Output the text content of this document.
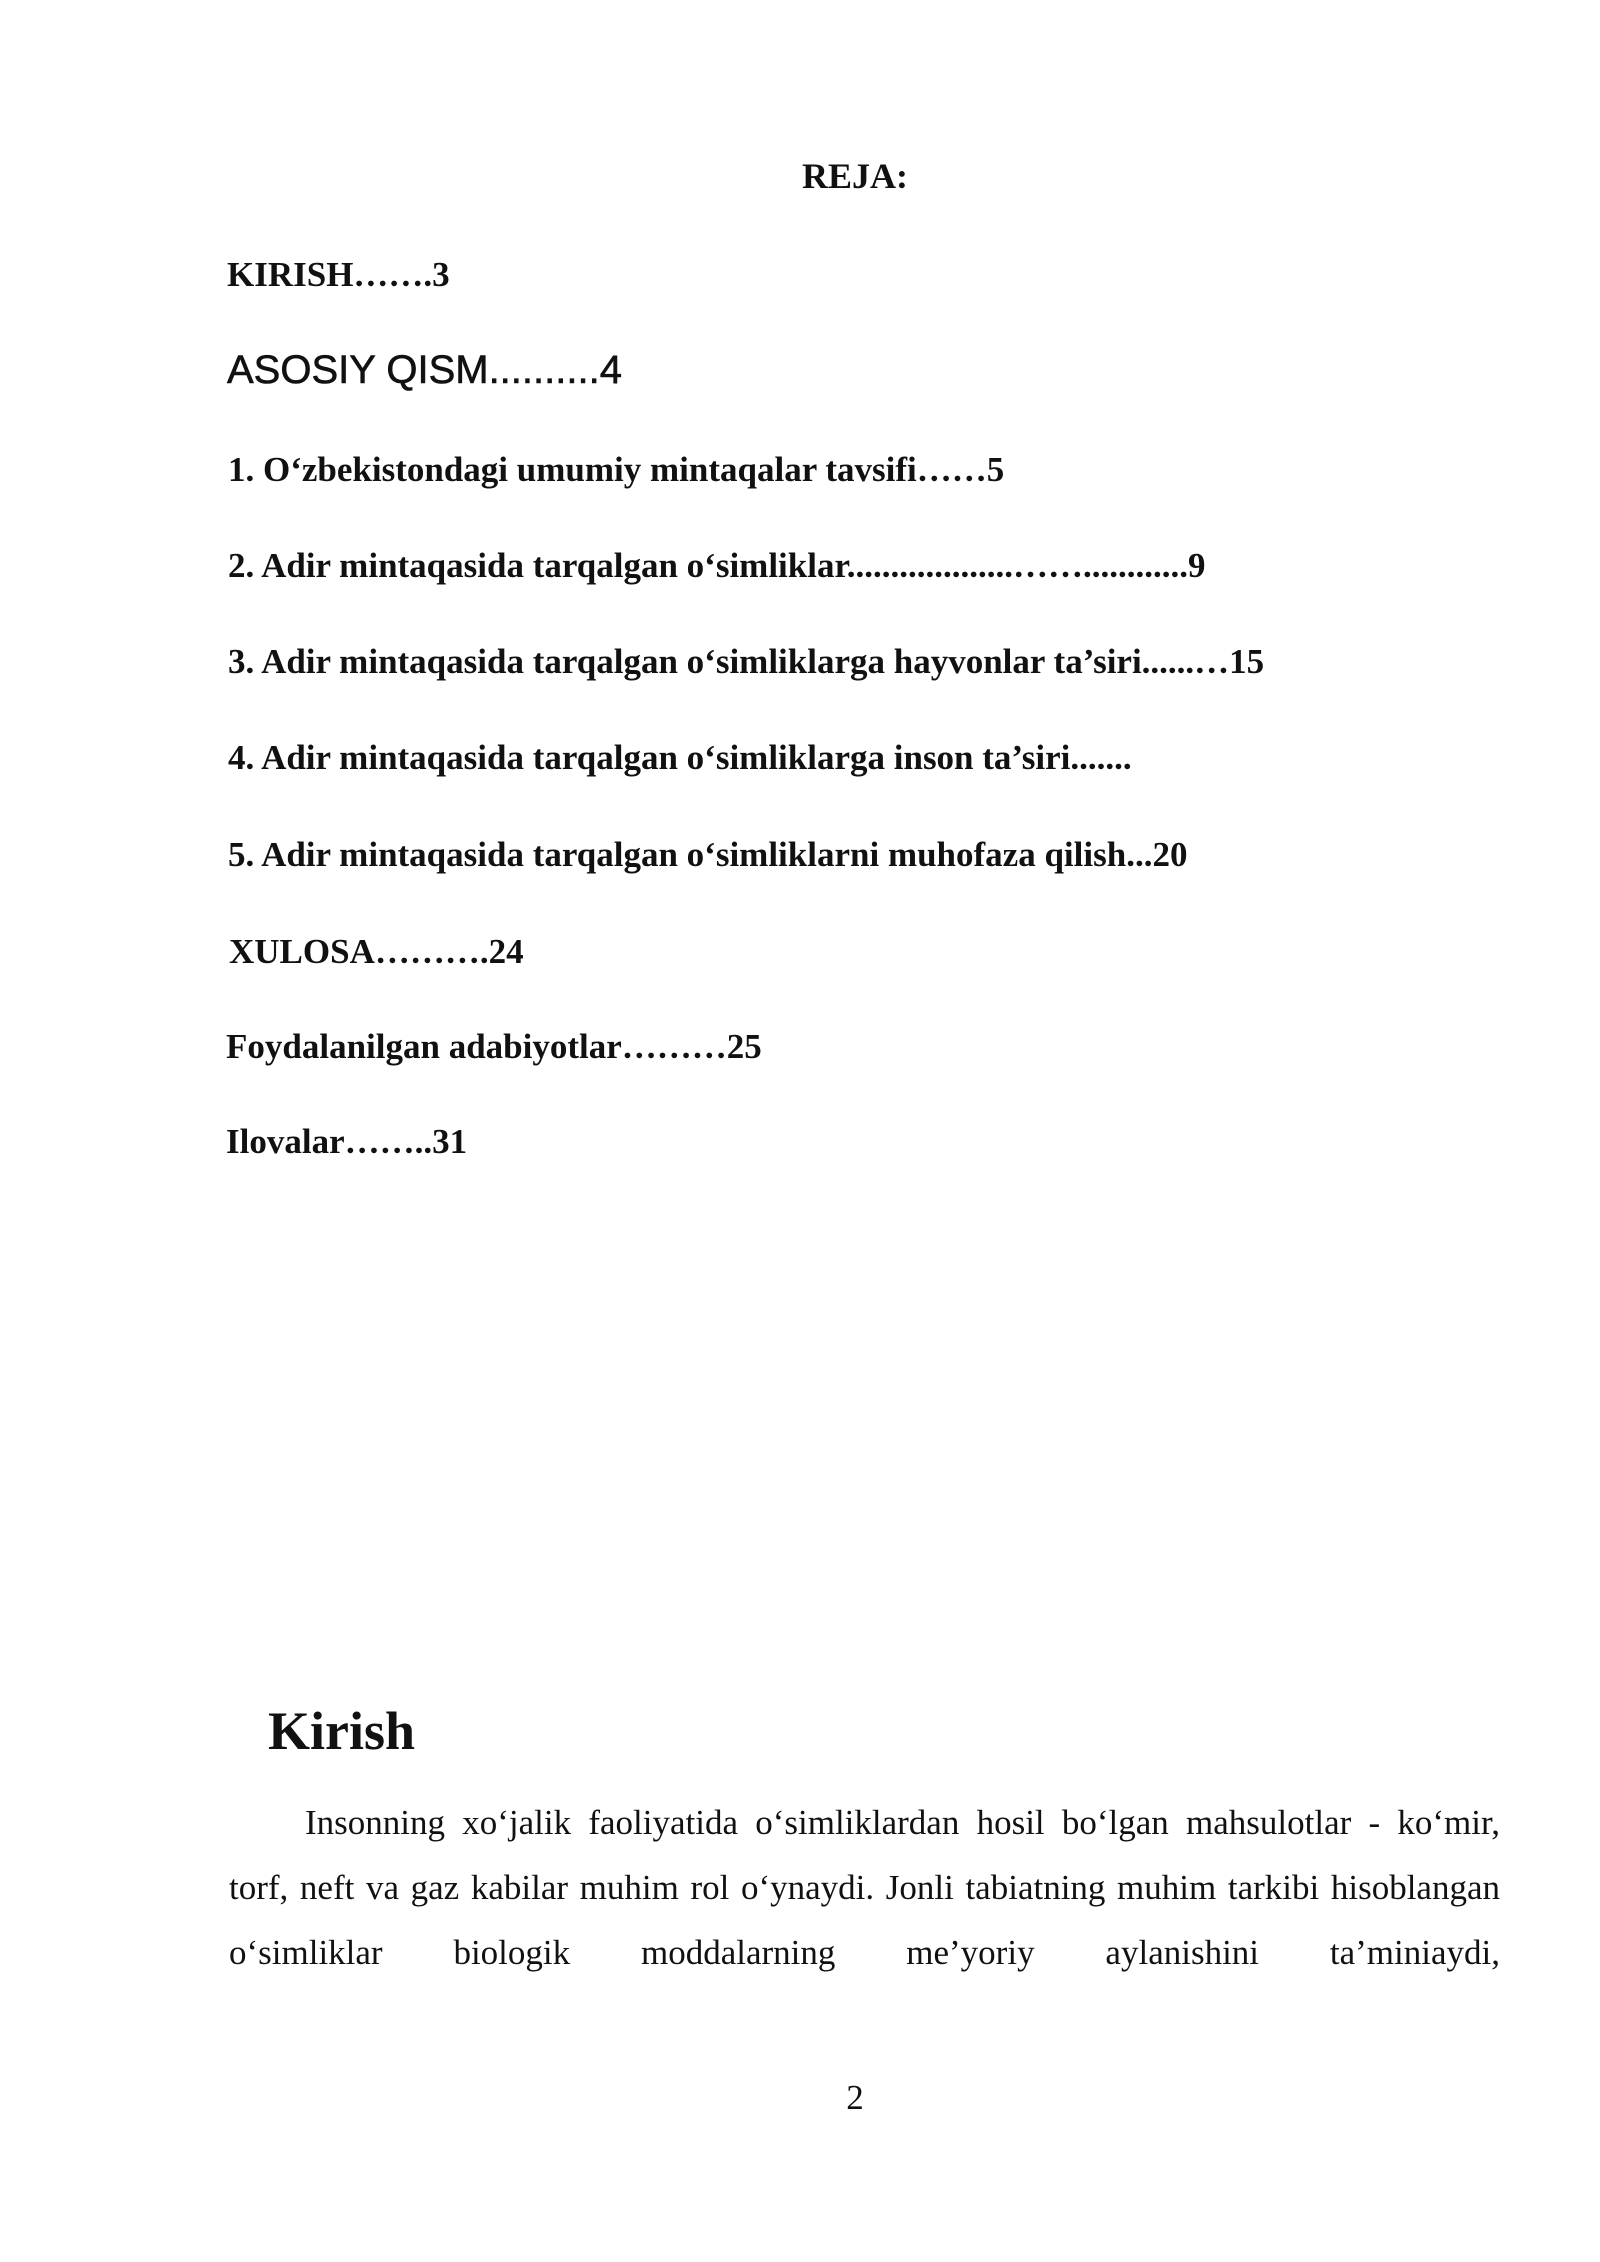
REJA:
KIRISH…….3
ASOSIY QISM..........4
1. O‘zbekistondagi umumiy mintaqalar tavsifi……5
2. Adir mintaqasida tarqalgan o‘simliklar...................……............9
3. Adir mintaqasida tarqalgan o‘simliklarga hayvonlar ta’siri......…15
4. Adir mintaqasida tarqalgan o‘simliklarga inson ta’siri.......
5. Adir mintaqasida tarqalgan o‘simliklarni muhofaza qilish...20
XULOSA……….24
Foydalanilgan adabiyotlar………25
Ilovalar……..31
Kirish

Insonning xo‘jalik faoliyatida o‘simliklardan hosil bo‘lgan mahsulotlar - ko‘mir, torf, neft va gaz kabilar muhim rol o‘ynaydi. Jonli tabiatning muhim tarkibi hisoblangan o‘simliklar biologik moddalarning me’yoriy aylanishini ta’miniaydi,

2
